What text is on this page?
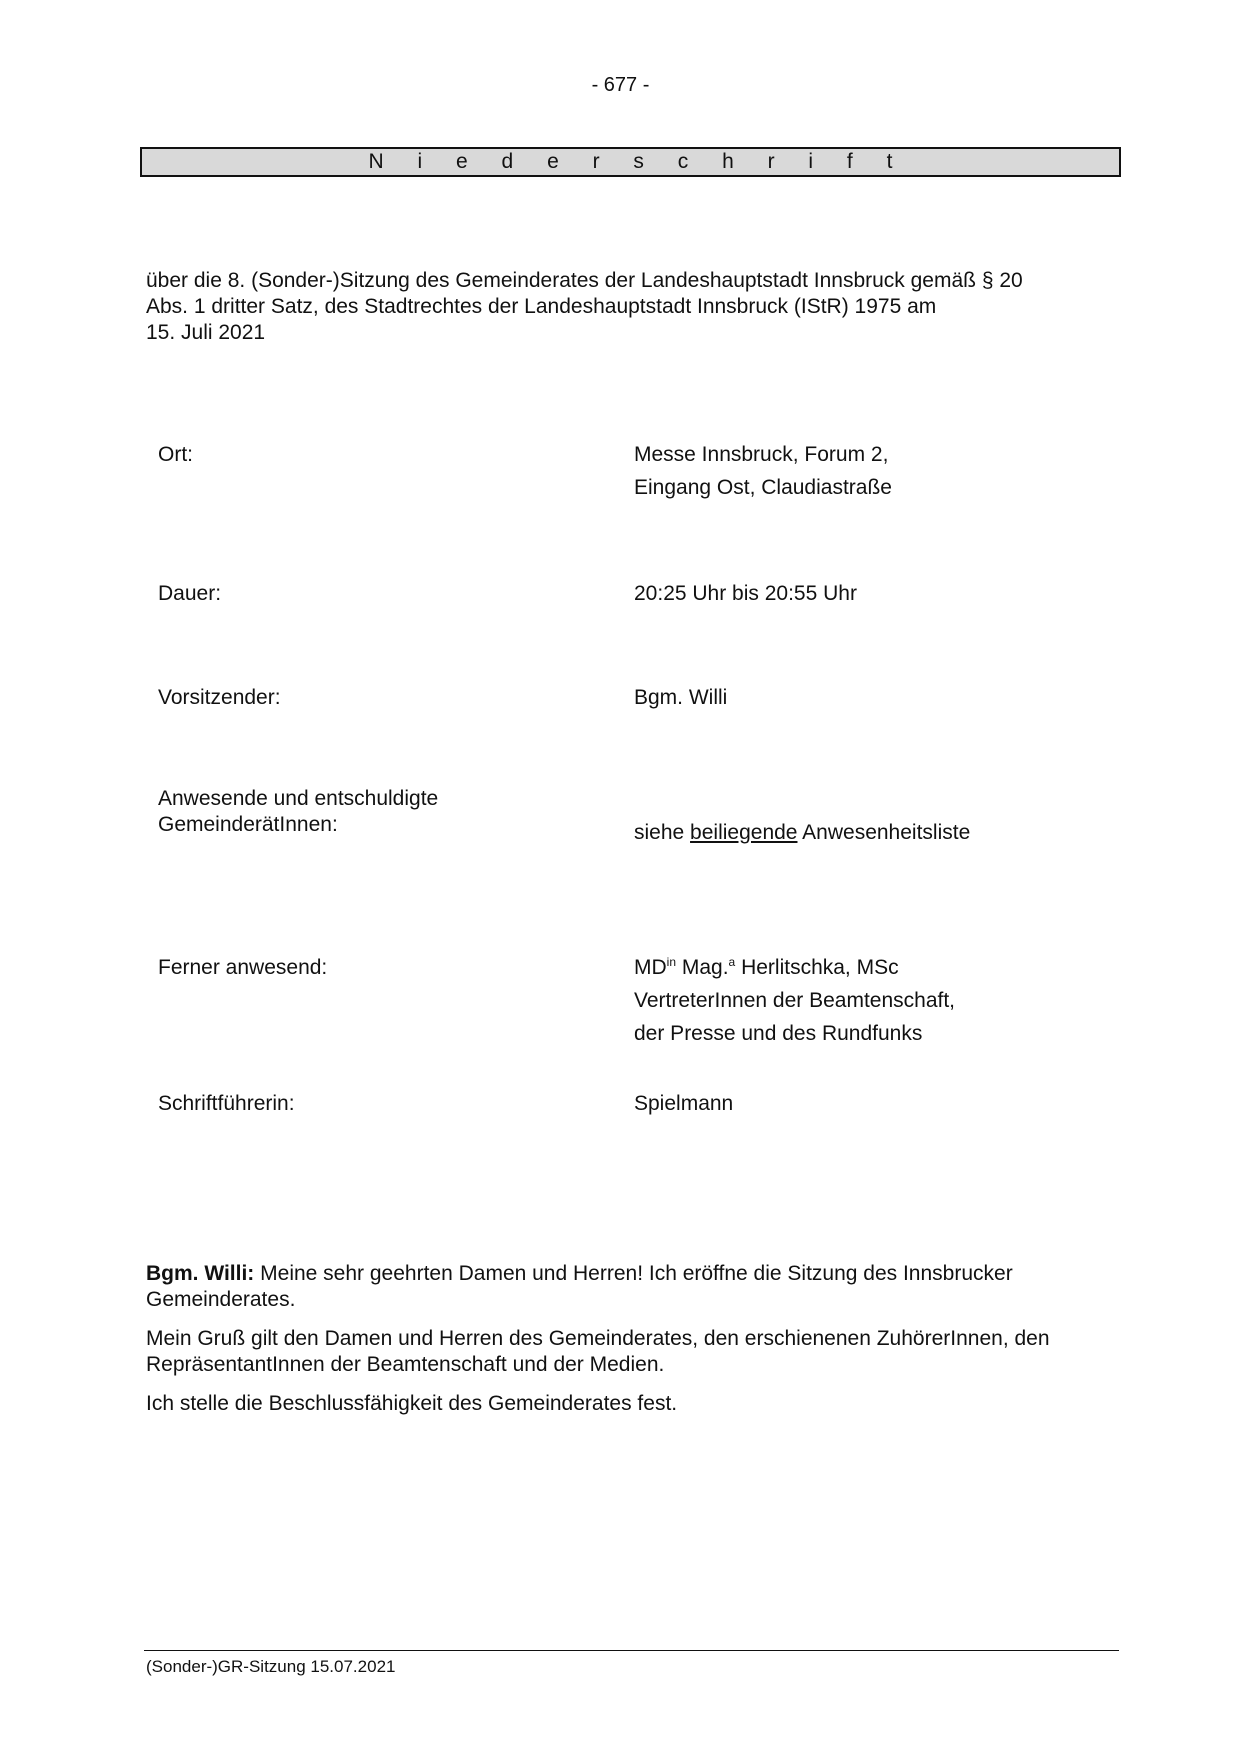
- 677 -
N i e d e r s c h r i f t

über die 8. (Sonder-)Sitzung des Gemeinderates der Landeshauptstadt Innsbruck gemäß § 20
Abs. 1 dritter Satz, des Stadtrechtes der Landeshauptstadt Innsbruck (IStR) 1975 am
15. Juli 2021

Ort:	Messe Innsbruck, Forum 2,
Eingang Ost, Claudiastraße
Dauer:	20:25 Uhr bis 20:55 Uhr
Vorsitzender:	Bgm. Willi
Anwesende und entschuldigte
GemeinderätInnen:	siehe beiliegende Anwesenheitsliste
Ferner anwesend:	$MD^{in}$ Mag.$^a$ Herlitschka, MSc
VertreterInnen der Beamtenschaft,
der Presse und des Rundfunks
Schriftführerin:	Spielmann

Bgm. Willi: Meine sehr geehrten Damen und Herren! Ich eröffne die Sitzung des Innsbrucker Gemeinderates.

Mein Gruß gilt den Damen und Herren des Gemeinderates, den erschienenen ZuhörerInnen, den RepräsentantInnen der Beamtenschaft und der Medien.

Ich stelle die Beschlussfähigkeit des Gemeinderates fest.

(Sonder-)GR-Sitzung 15.07.2021
